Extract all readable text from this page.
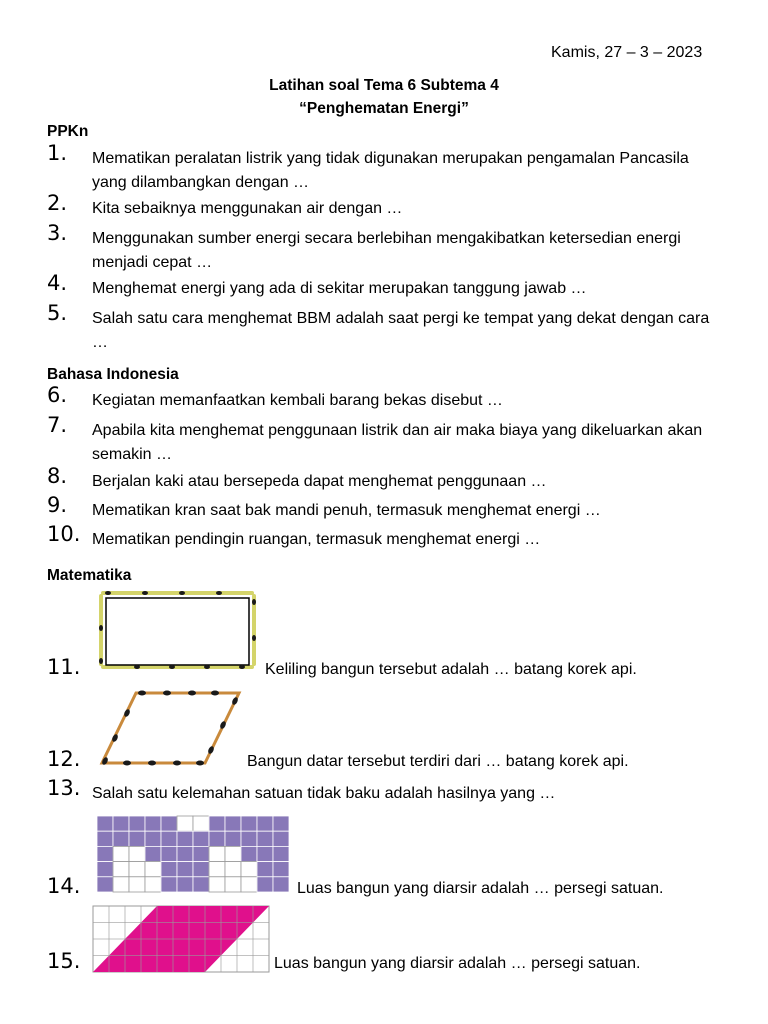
Kamis, 27 – 3 – 2023
Latihan soal Tema 6 Subtema 4
“Penghematan Energi”
PPKn
1. Mematikan peralatan listrik yang tidak digunakan merupakan pengamalan Pancasila yang dilambangkan dengan …
2. Kita sebaiknya menggunakan air dengan …
3. Menggunakan sumber energi secara berlebihan mengakibatkan ketersedian energi menjadi cepat …
4. Menghemat energi yang ada di sekitar merupakan tanggung jawab …
5. Salah satu cara menghemat BBM adalah saat pergi ke tempat yang dekat dengan cara …
Bahasa Indonesia
6. Kegiatan memanfaatkan kembali barang bekas disebut …
7. Apabila kita menghemat penggunaan listrik dan air maka biaya yang dikeluarkan akan semakin …
8. Berjalan kaki atau bersepeda dapat menghemat penggunaan …
9. Mematikan kran saat bak mandi penuh, termasuk menghemat energi …
10. Mematikan pendingin ruangan, termasuk menghemat energi …
Matematika
11.	Keliling bangun tersebut adalah … batang korek api.
12.	Bangun datar tersebut terdiri dari … batang korek api.
13. Salah satu kelemahan satuan tidak baku adalah hasilnya yang …
14.	Luas bangun yang diarsir adalah … persegi satuan.
15.	Luas bangun yang diarsir adalah … persegi satuan.
